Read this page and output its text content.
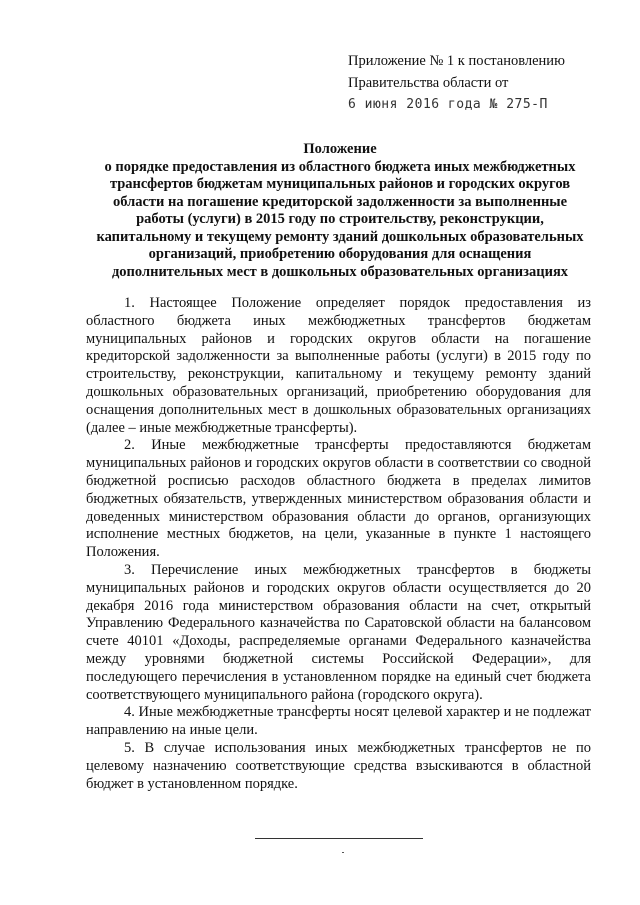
Приложение № 1 к постановлению
Правительства области от
6 июня 2016 года № 275-П
Положение
о порядке предоставления из областного бюджета иных межбюджетных
трансфертов бюджетам муниципальных районов и городских округов
области на погашение кредиторской задолженности за выполненные
работы (услуги) в 2015 году по строительству, реконструкции,
капитальному и текущему ремонту зданий дошкольных образовательных
организаций, приобретению оборудования для оснащения
дополнительных мест в дошкольных образовательных организациях

1. Настоящее Положение определяет порядок предоставления из областного бюджета иных межбюджетных трансфертов бюджетам муниципальных районов и городских округов области на погашение кредиторской задолженности за выполненные работы (услуги) в 2015 году по строительству, реконструкции, капитальному и текущему ремонту зданий дошкольных образовательных организаций, приобретению оборудования для оснащения дополнительных мест в дошкольных образовательных организациях (далее – иные межбюджетные трансферты).

2. Иные межбюджетные трансферты предоставляются бюджетам муниципальных районов и городских округов области в соответствии со сводной бюджетной росписью расходов областного бюджета в пределах лимитов бюджетных обязательств, утвержденных министерством образования области и доведенных министерством образования области до органов, организующих исполнение местных бюджетов, на цели, указанные в пункте 1 настоящего Положения.

3. Перечисление иных межбюджетных трансфертов в бюджеты муниципальных районов и городских округов области осуществляется до 20 декабря 2016 года министерством образования области на счет, открытый Управлению Федерального казначейства по Саратовской области на балансовом счете 40101 «Доходы, распределяемые органами Федерального казначейства между уровнями бюджетной системы Российской Федерации», для последующего перечисления в установленном порядке на единый счет бюджета соответствующего муниципального района (городского округа).

4. Иные межбюджетные трансферты носят целевой характер и не подлежат направлению на иные цели.

5. В случае использования иных межбюджетных трансфертов не по целевому назначению соответствующие средства взыскиваются в областной бюджет в установленном порядке.
